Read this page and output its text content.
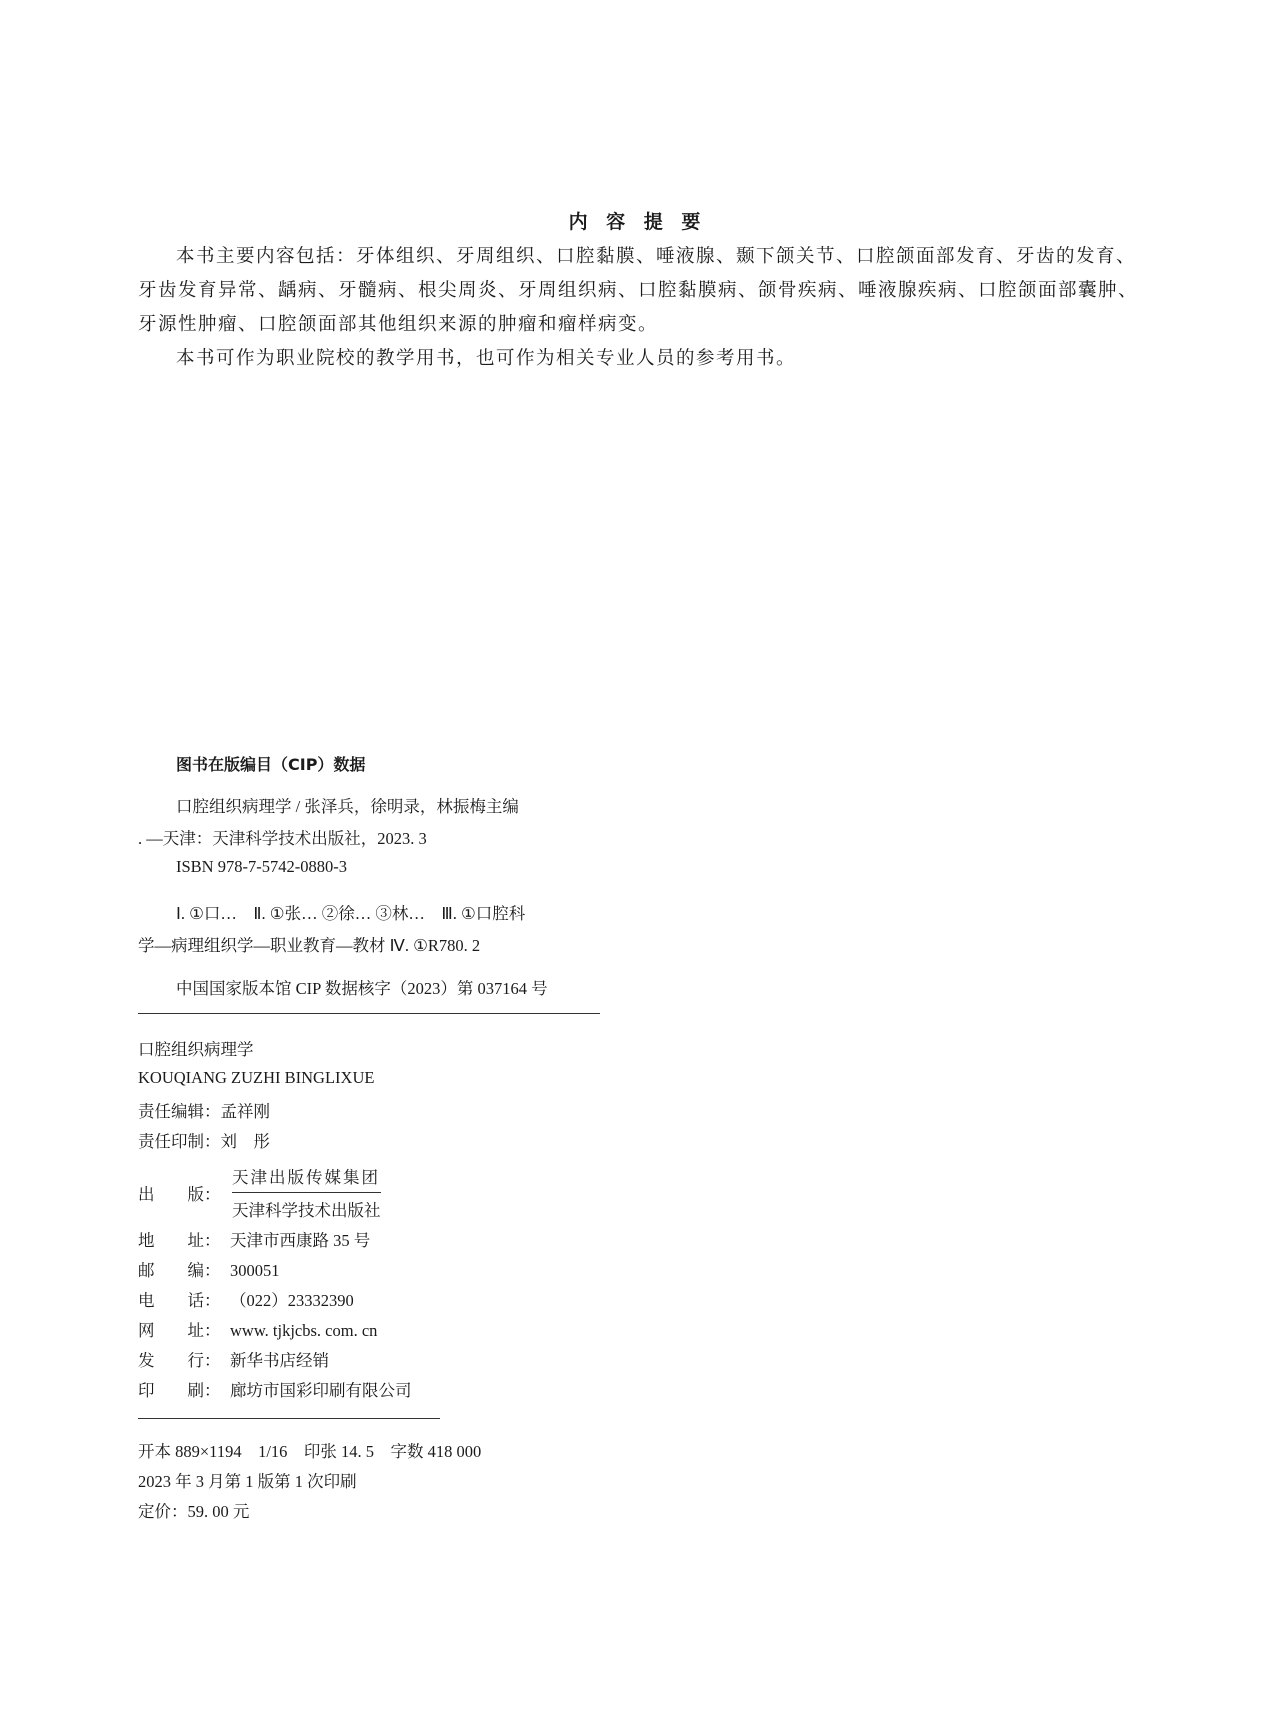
内 容 提 要
本书主要内容包括：牙体组织、牙周组织、口腔黏膜、唾液腺、颞下颌关节、口腔颌面部发育、牙齿的发育、牙齿发育异常、龋病、牙髓病、根尖周炎、牙周组织病、口腔黏膜病、颌骨疾病、唾液腺疾病、口腔颌面部囊肿、牙源性肿瘤、口腔颌面部其他组织来源的肿瘤和瘤样病变。
本书可作为职业院校的教学用书，也可作为相关专业人员的参考用书。
图书在版编目（CIP）数据
口腔组织病理学 / 张泽兵，徐明录，林振梅主编
. —天津：天津科学技术出版社，2023. 3
ISBN 978-7-5742-0880-3
Ⅰ. ①口…　Ⅱ. ①张… ②徐… ③林…　Ⅲ. ①口腔科
学—病理组织学—职业教育—教材 Ⅳ. ①R780. 2
中国国家版本馆 CIP 数据核字（2023）第 037164 号
口腔组织病理学
KOUQIANG ZUZHI BINGLIXUE
责任编辑：孟祥刚
责任印制：刘　彤
出　　版：
天津出版传媒集团
天津科学技术出版社
地　　址： 天津市西康路 35 号
邮　　编： 300051
电　　话： （022）23332390
网　　址： www. tjkjcbs. com. cn
发　　行： 新华书店经销
印　　刷： 廊坊市国彩印刷有限公司
开本 889×1194　1/16　印张 14. 5　字数 418 000
2023 年 3 月第 1 版第 1 次印刷
定价：59. 00 元
